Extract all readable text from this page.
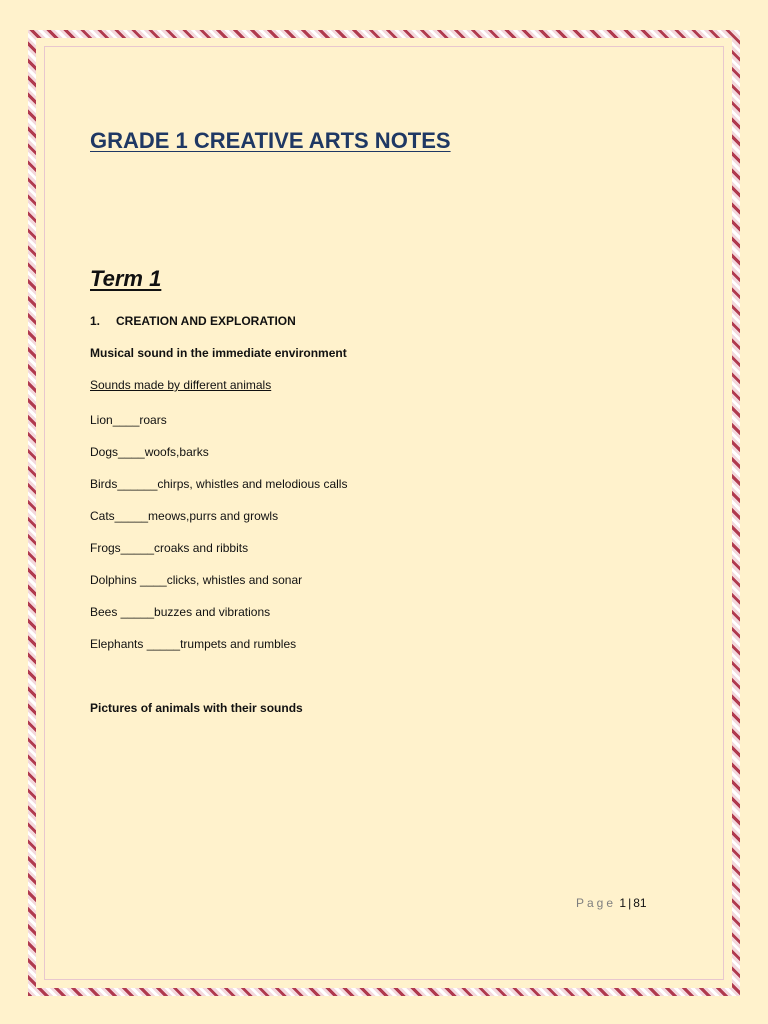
GRADE 1 CREATIVE ARTS NOTES
Term 1
1. CREATION AND EXPLORATION
Musical sound in the immediate environment
Sounds made by different animals
Lion____roars
Dogs____woofs,barks
Birds______chirps, whistles and melodious calls
Cats_____meows,purrs and growls
Frogs_____croaks and ribbits
Dolphins ____clicks, whistles and sonar
Bees _____buzzes and vibrations
Elephants _____trumpets and rumbles
Pictures of animals with their sounds
Page 1 | 81
